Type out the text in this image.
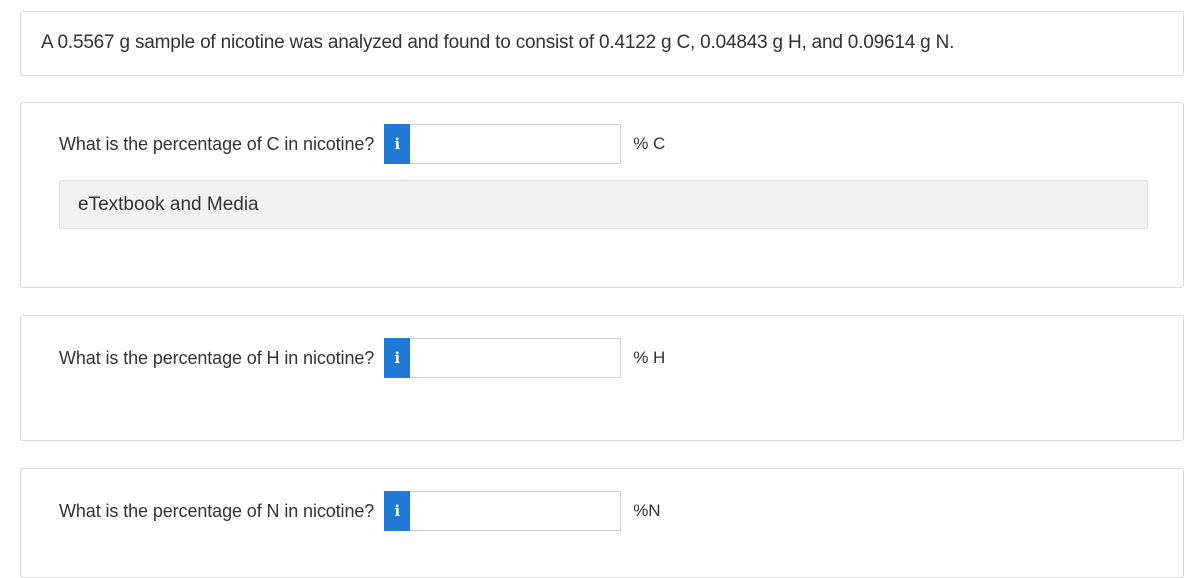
A 0.5567 g sample of nicotine was analyzed and found to consist of 0.4122 g C, 0.04843 g H, and 0.09614 g N.
What is the percentage of C in nicotine?	i	% C
eTextbook and Media
What is the percentage of H in nicotine?	i	% H
What is the percentage of N in nicotine?	i	%N
